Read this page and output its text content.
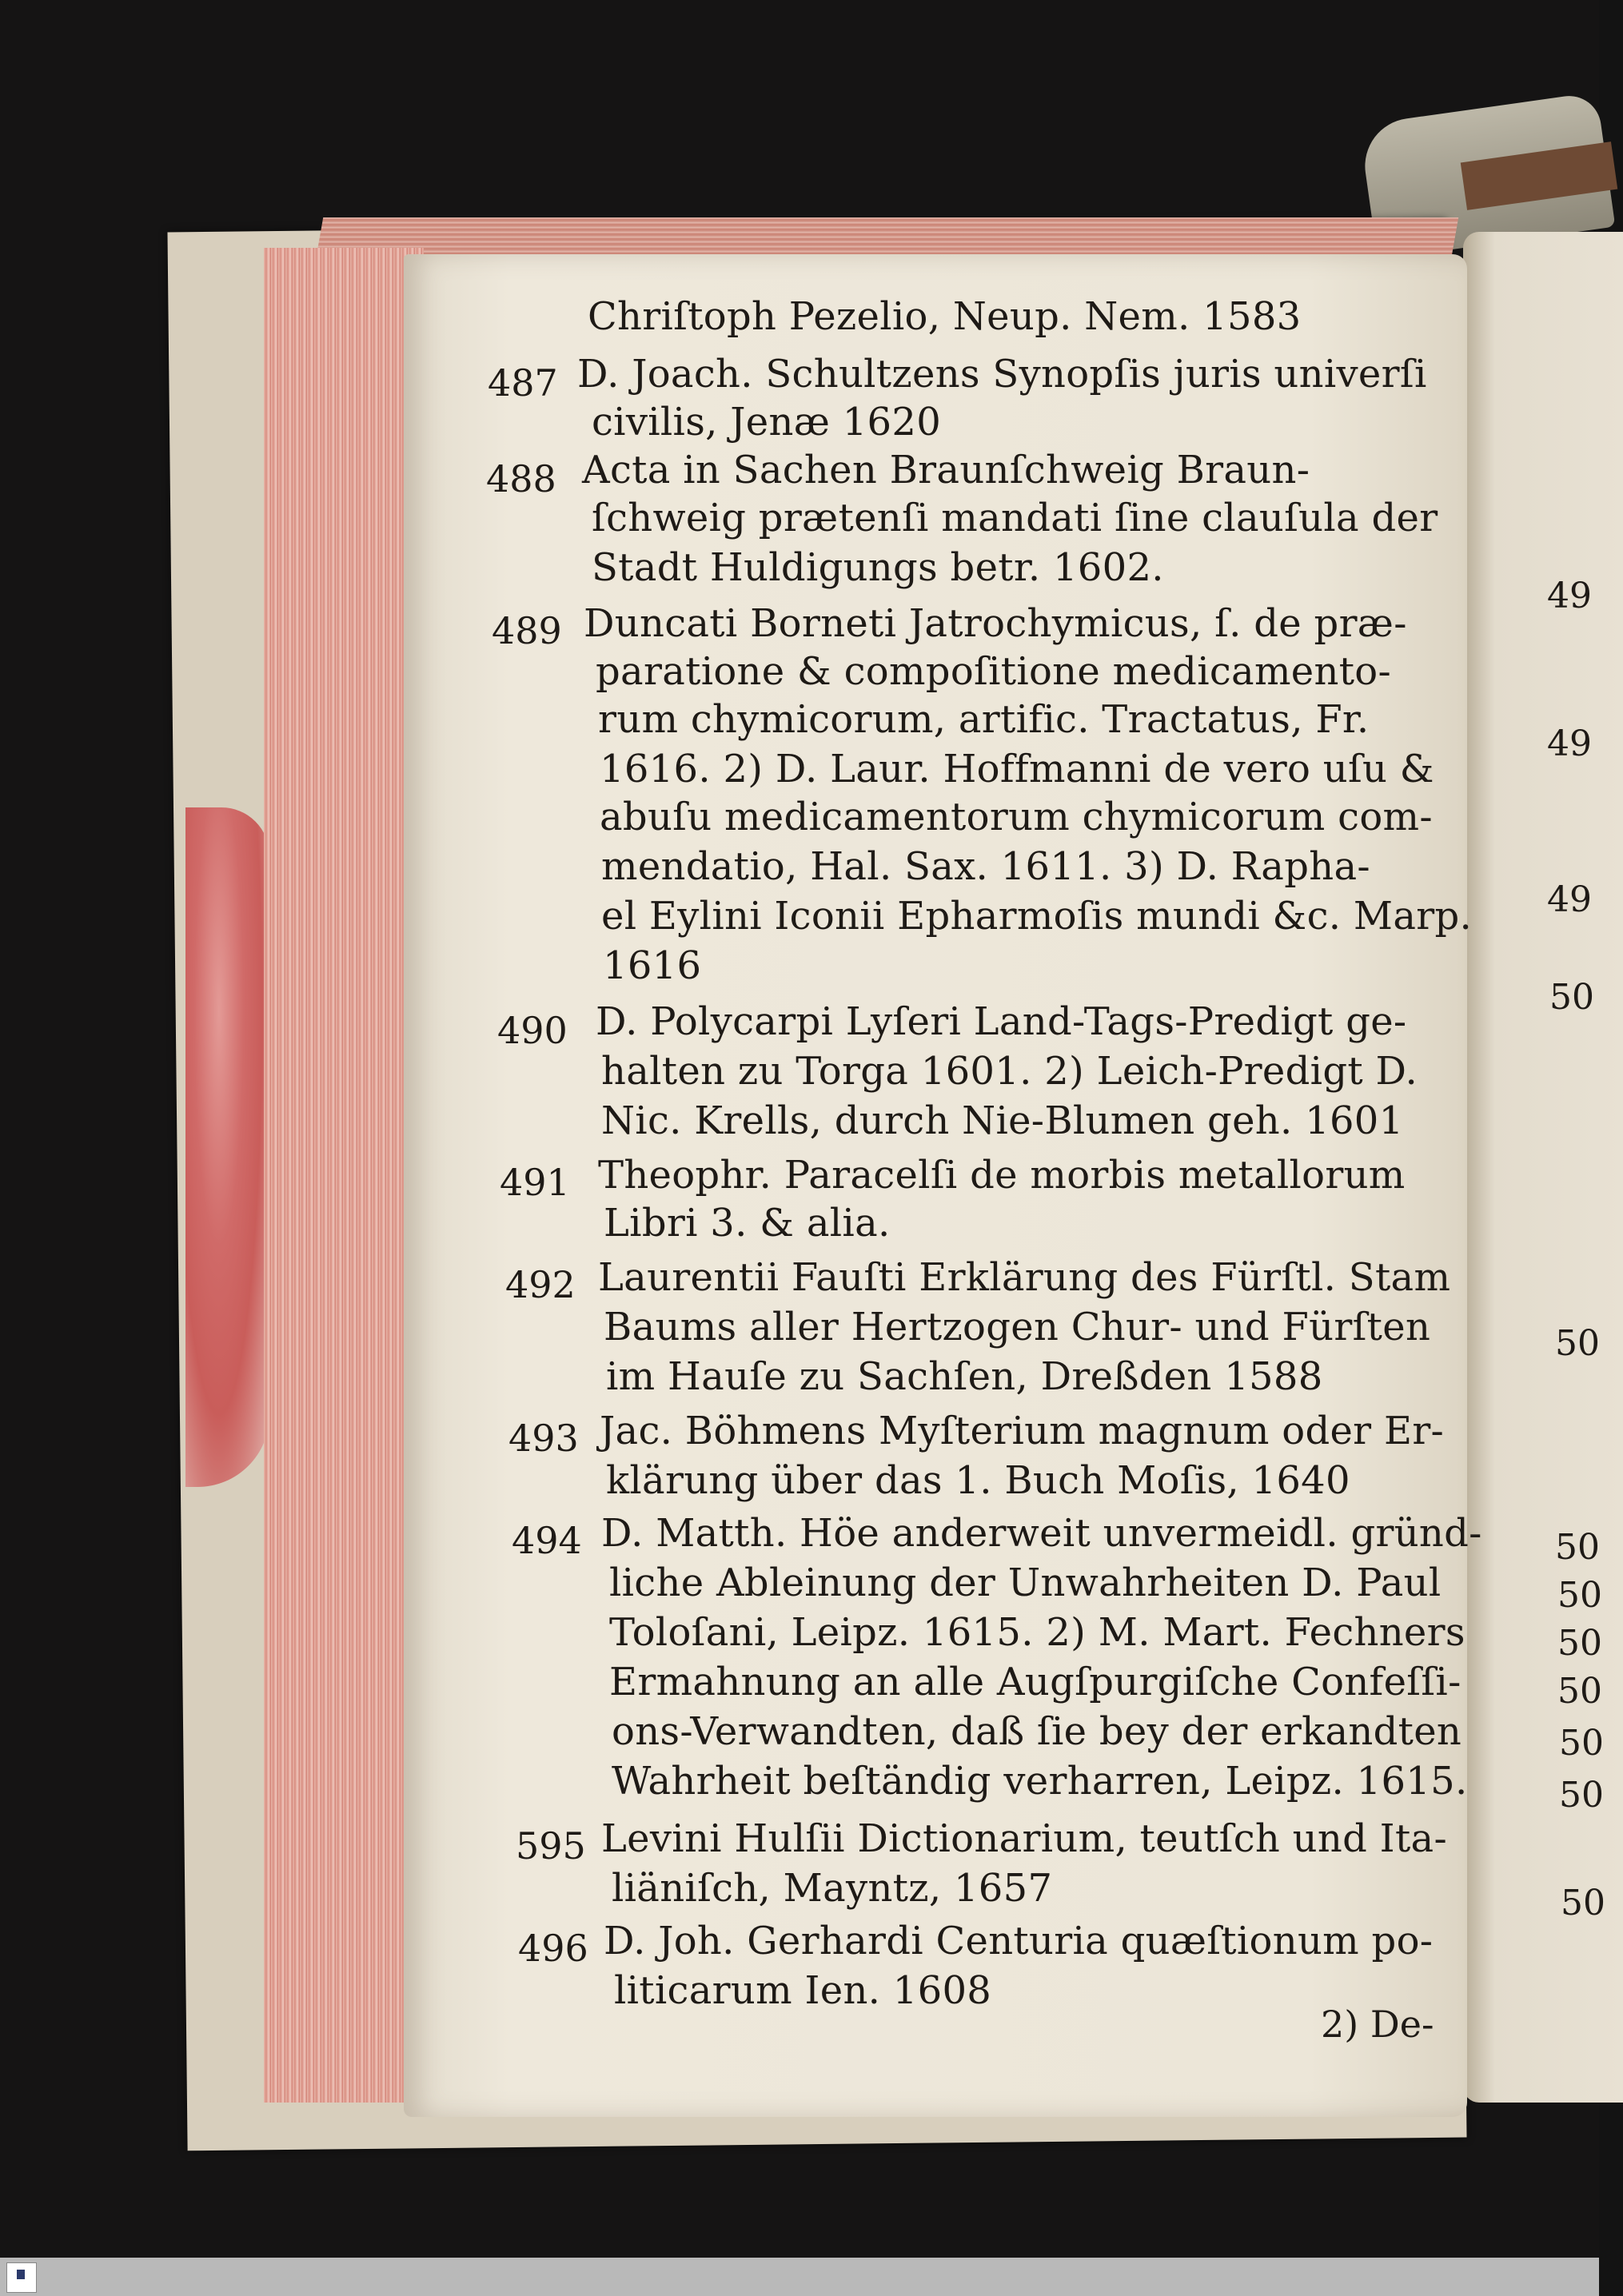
487
488
489
490
491
492
493
494
595
496
Chriſtoph Pezelio, Neup. Nem. 1583
D. Joach. Schultzens Synopſis juris univerſi
civilis, Jenæ 1620
Acta in Sachen Braunſchweig Braun-
ſchweig prætenſi mandati ſine clauſula der
Stadt Huldigungs betr. 1602.
Duncati Borneti Jatrochymicus, ſ. de præ-
paratione & compoſitione medicamento-
rum chymicorum, artific. Tractatus, Fr.
1616. 2) D. Laur. Hoffmanni de vero uſu &
abuſu medicamentorum chymicorum com-
mendatio, Hal. Sax. 1611. 3) D. Rapha-
el Eylini Iconii Epharmoſis mundi &c. Marp.
1616
D. Polycarpi Lyſeri Land-Tags-Predigt ge-
halten zu Torga 1601. 2) Leich-Predigt D.
Nic. Krells, durch Nie-Blumen geh. 1601
Theophr. Paracelſi de morbis metallorum
Libri 3. & alia.
Laurentii Fauſti Erklärung des Fürſtl. Stam
Baums aller Hertzogen Chur- und Fürſten
im Hauſe zu Sachſen, Dreßden 1588
Jac. Böhmens Myſterium magnum oder Er-
klärung über das 1. Buch Moſis, 1640
D. Matth. Höe anderweit unvermeidl. gründ-
liche Ableinung der Unwahrheiten D. Paul
Toloſani, Leipz. 1615. 2) M. Mart. Fechners
Ermahnung an alle Augſpurgiſche Confeſſi-
ons-Verwandten, daß ſie bey der erkandten
Wahrheit beſtändig verharren, Leipz. 1615.
Levini Hulſii Dictionarium, teutſch und Ita-
liäniſch, Mayntz, 1657
D. Joh. Gerhardi Centuria quæſtionum po-
liticarum Ien. 1608
2) De-
49
49
49
50
50
50
50
50
50
50
50
50
